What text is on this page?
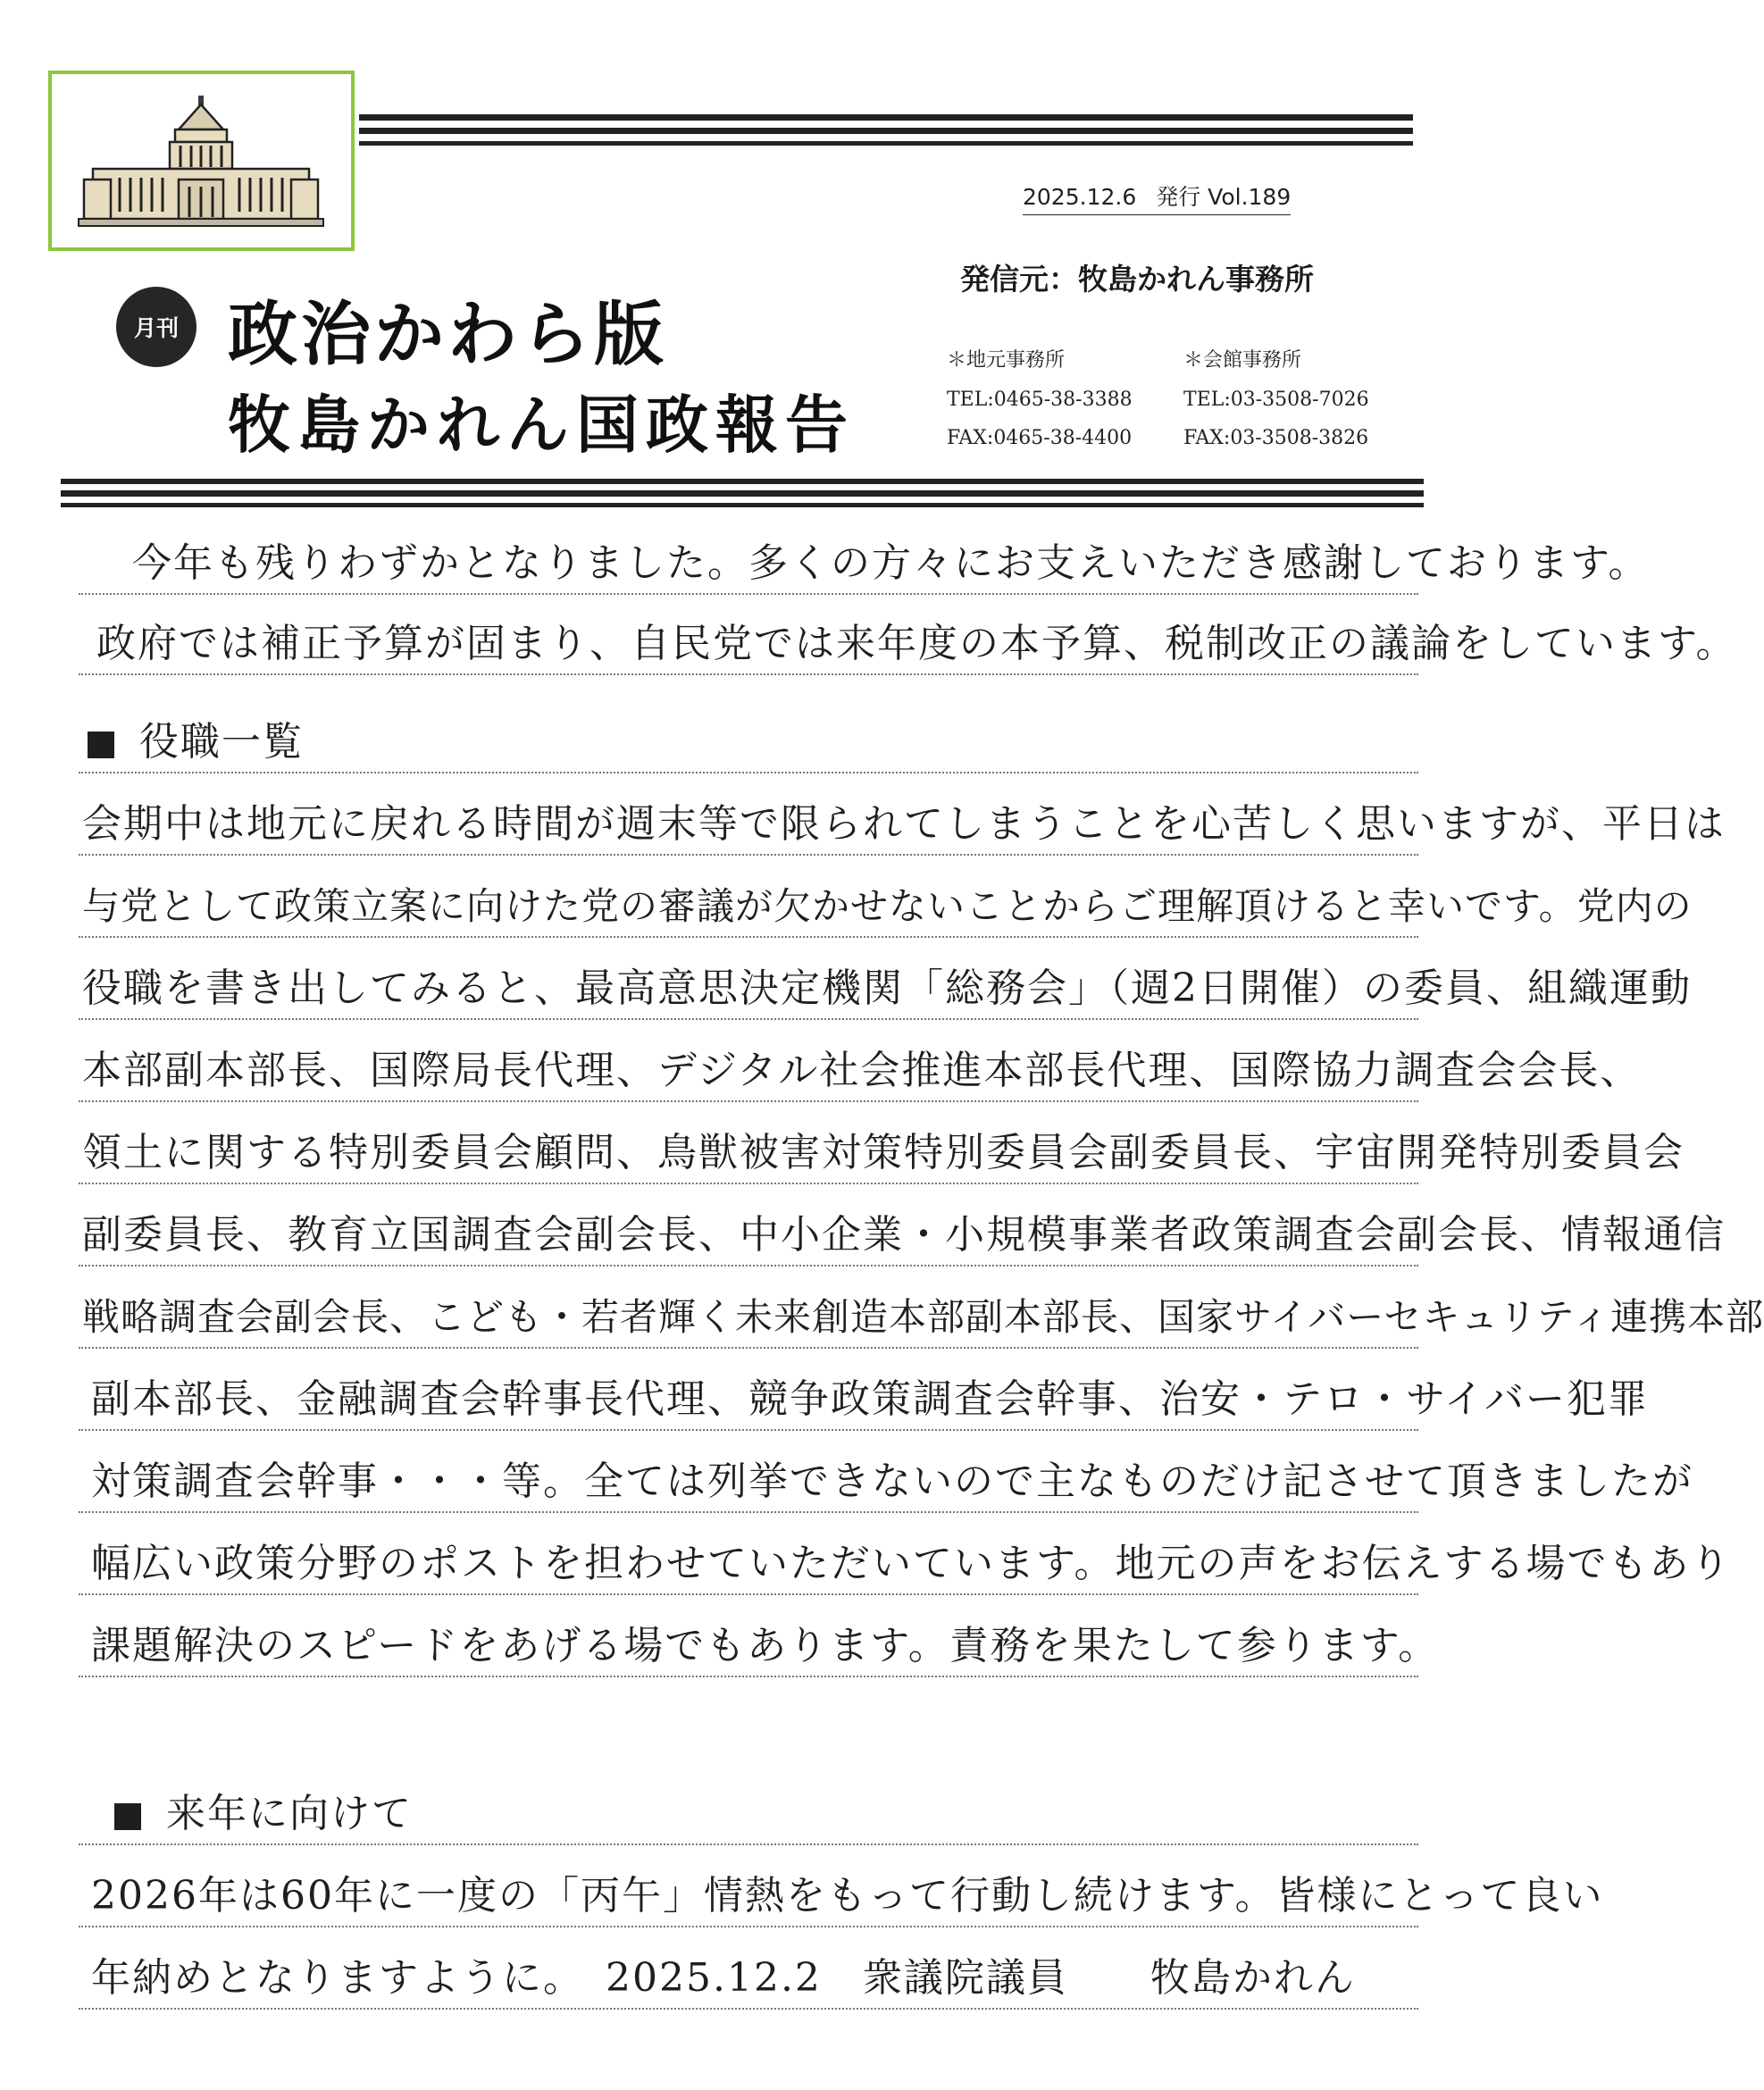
2025.12.6 発行 Vol.189
発信元：牧島かれん事務所
＊地元事務所
TEL:0465-38-3388
FAX:0465-38-4400
＊会館事務所
TEL:03-3508-7026
FAX:03-3508-3826
月刊 政治かわら版
牧島かれん国政報告
今年も残りわずかとなりました。多くの方々にお支えいただき感謝しております。
政府では補正予算が固まり、自民党では来年度の本予算、税制改正の議論をしています。
役職一覧
会期中は地元に戻れる時間が週末等で限られてしまうことを心苦しく思いますが、平日は
与党として政策立案に向けた党の審議が欠かせないことからご理解頂けると幸いです。党内の
役職を書き出してみると、最高意思決定機関「総務会」（週2日開催）の委員、組織運動
本部副本部長、国際局長代理、デジタル社会推進本部長代理、国際協力調査会会長、
領土に関する特別委員会顧問、鳥獣被害対策特別委員会副委員長、宇宙開発特別委員会
副委員長、教育立国調査会副会長、中小企業・小規模事業者政策調査会副会長、情報通信
戦略調査会副会長、こども・若者輝く未来創造本部副本部長、国家サイバーセキュリティ連携本部
副本部長、金融調査会幹事長代理、競争政策調査会幹事、治安・テロ・サイバー犯罪
対策調査会幹事・・・等。全ては列挙できないので主なものだけ記させて頂きましたが
幅広い政策分野のポストを担わせていただいています。地元の声をお伝えする場でもあり
課題解決のスピードをあげる場でもあります。責務を果たして参ります。
来年に向けて
2026年は60年に一度の「丙午」情熱をもって行動し続けます。皆様にとって良い
年納めとなりますように。　2025.12.2　衆議院議員　　牧島かれん
